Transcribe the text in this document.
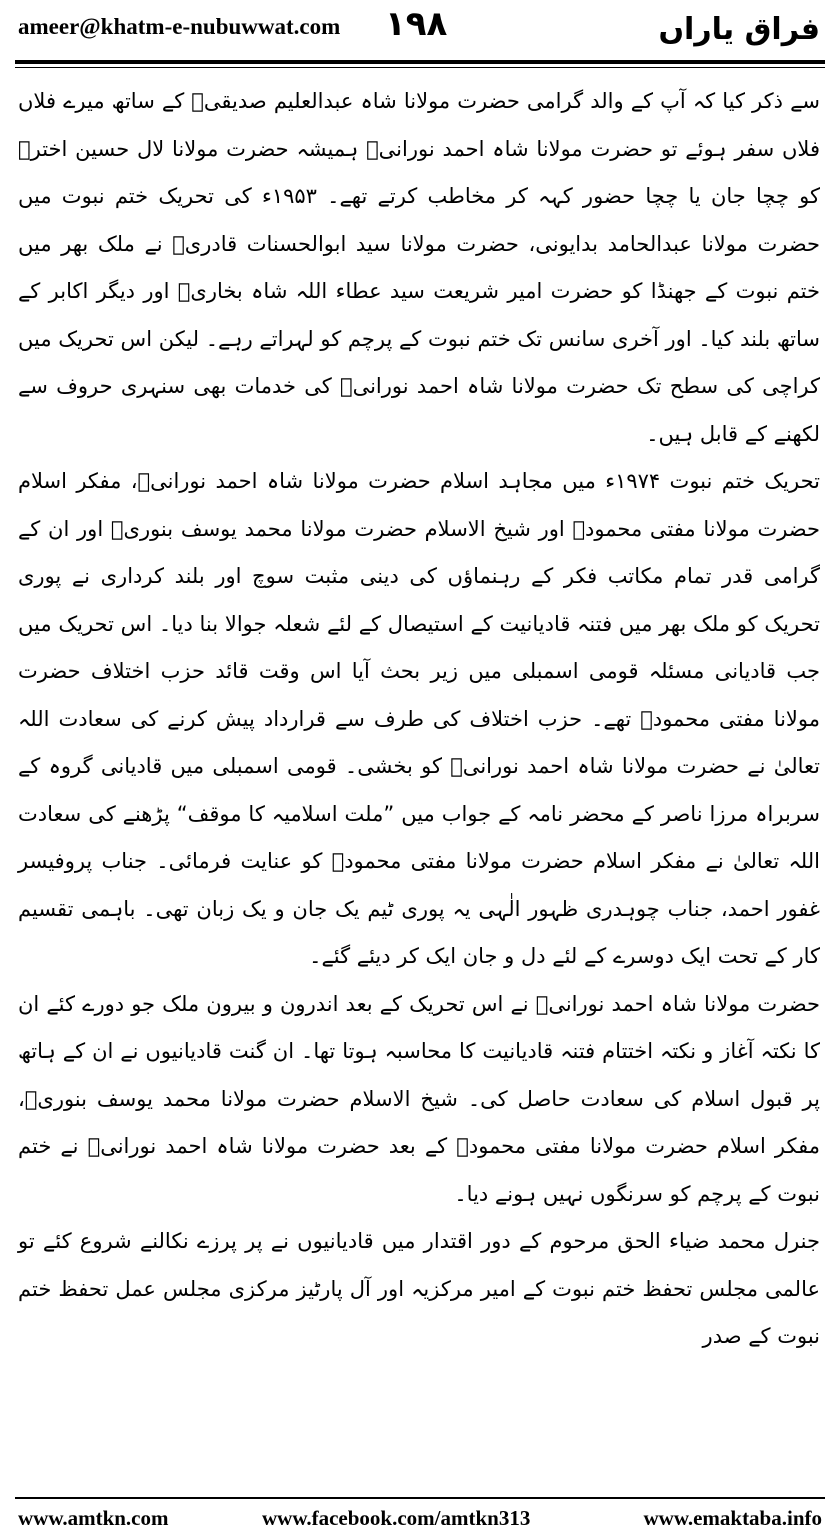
ameer@khatm-e-nubuwwat.com ۱۹۸	فراق یاراں

سے ذکر کیا کہ آپ کے والد گرامی حضرت مولانا شاہ عبدالعلیم صدیقیؒ کے ساتھ میرے فلاں فلاں سفر ہوئے تو حضرت مولانا شاہ احمد نورانیؒ ہمیشہ حضرت مولانا لال حسین اخترؒ کو چچا جان یا چچا حضور کہہ کر مخاطب کرتے تھے۔ ۱۹۵۳ء کی تحریک ختم نبوت میں حضرت مولانا عبدالحامد بدایونی، حضرت مولانا سید ابوالحسنات قادریؒ نے ملک بھر میں ختم نبوت کے جھنڈا کو حضرت امیر شریعت سید عطاء اللہ شاہ بخاریؒ اور دیگر اکابر کے ساتھ بلند کیا۔ اور آخری سانس تک ختم نبوت کے پرچم کو لہراتے رہے۔ لیکن اس تحریک میں کراچی کی سطح تک حضرت مولانا شاہ احمد نورانیؒ کی خدمات بھی سنہری حروف سے لکھنے کے قابل ہیں۔

تحریک ختم نبوت ۱۹۷۴ء میں مجاہد اسلام حضرت مولانا شاہ احمد نورانیؒ، مفکر اسلام حضرت مولانا مفتی محمودؒ اور شیخ الاسلام حضرت مولانا محمد یوسف بنوریؒ اور ان کے گرامی قدر تمام مکاتب فکر کے رہنماؤں کی دینی مثبت سوچ اور بلند کرداری نے پوری تحریک کو ملک بھر میں فتنہ قادیانیت کے استیصال کے لئے شعلہ جوالا بنا دیا۔ اس تحریک میں جب قادیانی مسئلہ قومی اسمبلی میں زیر بحث آیا اس وقت قائد حزب اختلاف حضرت مولانا مفتی محمودؒ تھے۔ حزب اختلاف کی طرف سے قرارداد پیش کرنے کی سعادت اللہ تعالیٰ نے حضرت مولانا شاہ احمد نورانیؒ کو بخشی۔ قومی اسمبلی میں قادیانی گروہ کے سربراہ مرزا ناصر کے محضر نامہ کے جواب میں ”ملت اسلامیہ کا موقف“ پڑھنے کی سعادت اللہ تعالیٰ نے مفکر اسلام حضرت مولانا مفتی محمودؒ کو عنایت فرمائی۔ جناب پروفیسر غفور احمد، جناب چوہدری ظہور الٰہی یہ پوری ٹیم یک جان و یک زبان تھی۔ باہمی تقسیم کار کے تحت ایک دوسرے کے لئے دل و جان ایک کر دیئے گئے۔

حضرت مولانا شاہ احمد نورانیؒ نے اس تحریک کے بعد اندرون و بیرون ملک جو دورے کئے ان کا نکتہ آغاز و نکتہ اختتام فتنہ قادیانیت کا محاسبہ ہوتا تھا۔ ان گنت قادیانیوں نے ان کے ہاتھ پر قبول اسلام کی سعادت حاصل کی۔ شیخ الاسلام حضرت مولانا محمد یوسف بنوریؒ، مفکر اسلام حضرت مولانا مفتی محمودؒ کے بعد حضرت مولانا شاہ احمد نورانیؒ نے ختم نبوت کے پرچم کو سرنگوں نہیں ہونے دیا۔

جنرل محمد ضیاء الحق مرحوم کے دور اقتدار میں قادیانیوں نے پر پرزے نکالنے شروع کئے تو عالمی مجلس تحفظ ختم نبوت کے امیر مرکزیہ اور آل پارٹیز مرکزی مجلس عمل تحفظ ختم نبوت کے صدر

www.amtkn.com	www.facebook.com/amtkn313	www.emaktaba.info
